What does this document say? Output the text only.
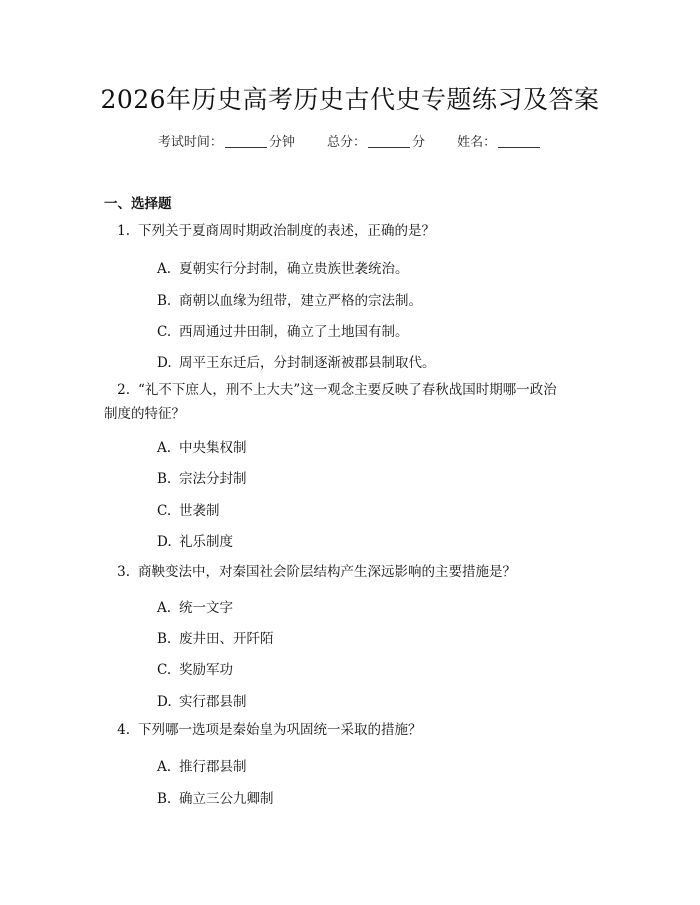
2026年历史高考历史古代史专题练习及答案
考试时间：	分钟 总分：	分 姓名：
一、选择题
1. 下列关于夏商周时期政治制度的表述，正确的是？
A. 夏朝实行分封制，确立贵族世袭统治。
B. 商朝以血缘为纽带，建立严格的宗法制。
C. 西周通过井田制，确立了土地国有制。
D. 周平王东迁后，分封制逐渐被郡县制取代。
2. “礼不下庶人，刑不上大夫”这一观念主要反映了春秋战国时期哪一政治
制度的特征？
A. 中央集权制
B. 宗法分封制
C. 世袭制
D. 礼乐制度
3. 商鞅变法中，对秦国社会阶层结构产生深远影响的主要措施是？
A. 统一文字
B. 废井田、开阡陌
C. 奖励军功
D. 实行郡县制
4. 下列哪一选项是秦始皇为巩固统一采取的措施？
A. 推行郡县制
B. 确立三公九卿制
